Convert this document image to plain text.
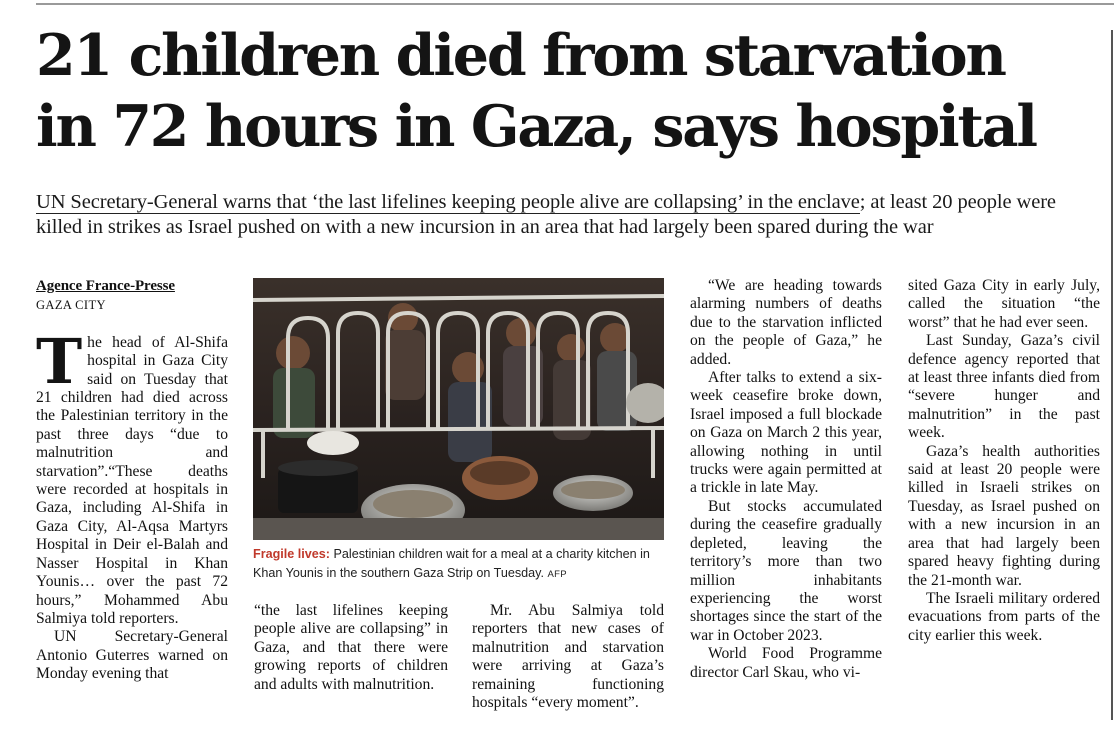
21 children died from starvation
in 72 hours in Gaza, says hospital
UN Secretary-General warns that ‘the last lifelines keeping people alive are collapsing’ in the enclave; at least 20 people were killed in strikes as Israel pushed on with a new incursion in an area that had largely been spared during the war
Agence France-Presse
GAZA CITY

The head of Al-Shifa hospital in Gaza City said on Tuesday that 21 children had died across the Palestinian territory in the past three days “due to malnutrition and starvation”.“These deaths were recorded at hospitals in Gaza, including Al-Shifa in Gaza City, Al-Aqsa Martyrs Hospital in Deir el-Balah and Nasser Hospital in Khan Younis… over the past 72 hours,” Mohammed Abu Salmiya told reporters.

UN Secretary-General Antonio Guterres warned on Monday evening that

Fragile lives: Palestinian children wait for a meal at a charity kitchen in Khan Younis in the southern Gaza Strip on Tuesday. AFP

“the last lifelines keeping people alive are collapsing” in Gaza, and that there were growing reports of children and adults with malnutrition.

Mr. Abu Salmiya told reporters that new cases of malnutrition and starvation were arriving at Gaza’s remaining functioning hospitals “every moment”.

“We are heading towards alarming numbers of deaths due to the starvation inflicted on the people of Gaza,” he added.

After talks to extend a six-week ceasefire broke down, Israel imposed a full blockade on Gaza on March 2 this year, allowing nothing in until trucks were again permitted at a trickle in late May.

But stocks accumulated during the ceasefire gradually depleted, leaving the territory’s more than two million inhabitants experiencing the worst shortages since the start of the war in October 2023.

World Food Programme director Carl Skau, who vi-

sited Gaza City in early July, called the situation “the worst” that he had ever seen.

Last Sunday, Gaza’s civil defence agency reported that at least three infants died from “severe hunger and malnutrition” in the past week.

Gaza’s health authorities said at least 20 people were killed in Israeli strikes on Tuesday, as Israel pushed on with a new incursion in an area that had largely been spared heavy fighting during the 21-month war.

The Israeli military ordered evacuations from parts of the city earlier this week.
